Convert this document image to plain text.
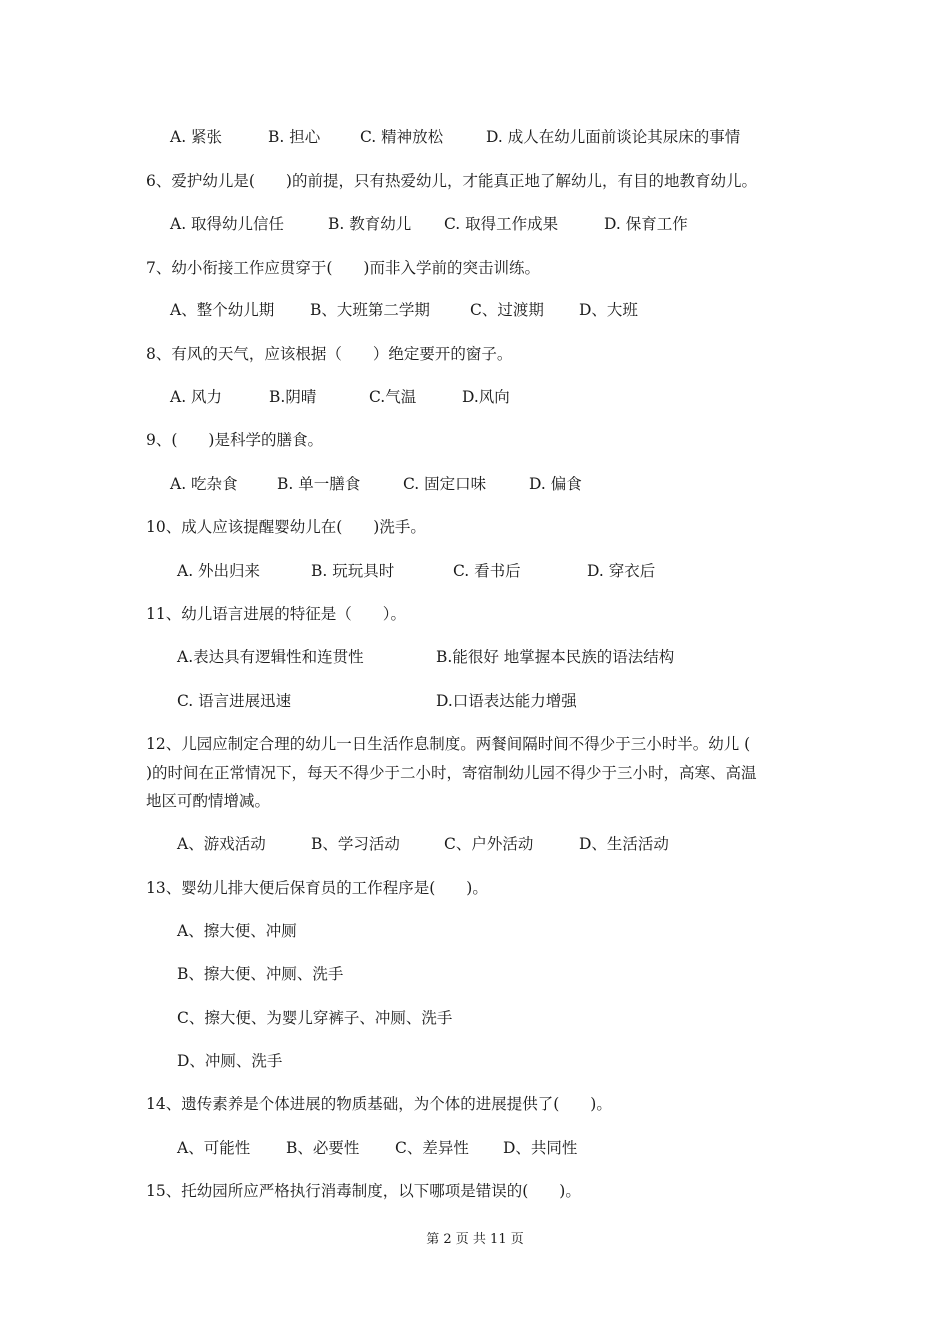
A. 紧张

	B. 担心

	C. 精神放松

	D. 成人在幼儿面前谈论其尿床的事情

6、爱护幼儿是(　　)的前提，只有热爱幼儿，才能真正地了解幼儿，有目的地教育幼儿。

A. 取得幼儿信任

	B. 教育幼儿

C. 取得工作成果

	D. 保育工作

7、幼小衔接工作应贯穿于(　　)而非入学前的突击训练。

A、整个幼儿期

B、大班第二学期

	C、过渡期

D、大班

8、有风的天气，应该根据（　　）绝定要开的窗子。

A. 风力

	B.阴晴

	C.气温

	D.风向

9、(　　)是科学的膳食。

A. 吃杂食

	B. 单一膳食

	C. 固定口味

	D. 偏食

10、成人应该提醒婴幼儿在(　　)洗手。

A. 外出归来

	B. 玩玩具时

	C. 看书后

	D. 穿衣后

11、幼儿语言进展的特征是（　　）。

A.表达具有逻辑性和连贯性

	B.能很好 地掌握本民族的语法结构

C. 语言进展迅速

	D.口语表达能力增强

12、儿园应制定合理的幼儿一日生活作息制度。两餐间隔时间不得少于三小时半。幼儿 (
)的时间在正常情况下，每天不得少于二小时，寄宿制幼儿园不得少于三小时，高寒、高温
地区可酌情增减。

A、游戏活动

	B、学习活动

	C、户外活动

	D、生活活动

13、婴幼儿排大便后保育员的工作程序是(　　)。
A、擦大便、冲厕
B、擦大便、冲厕、洗手
C、擦大便、为婴儿穿裤子、冲厕、洗手
D、冲厕、洗手
14、遗传素养是个体进展的物质基础，为个体的进展提供了(　　)。

A、可能性

B、必要性

C、差异性

D、共同性

15、托幼园所应严格执行消毒制度，以下哪项是错误的(　　)。
第 2 页 共 11 页
